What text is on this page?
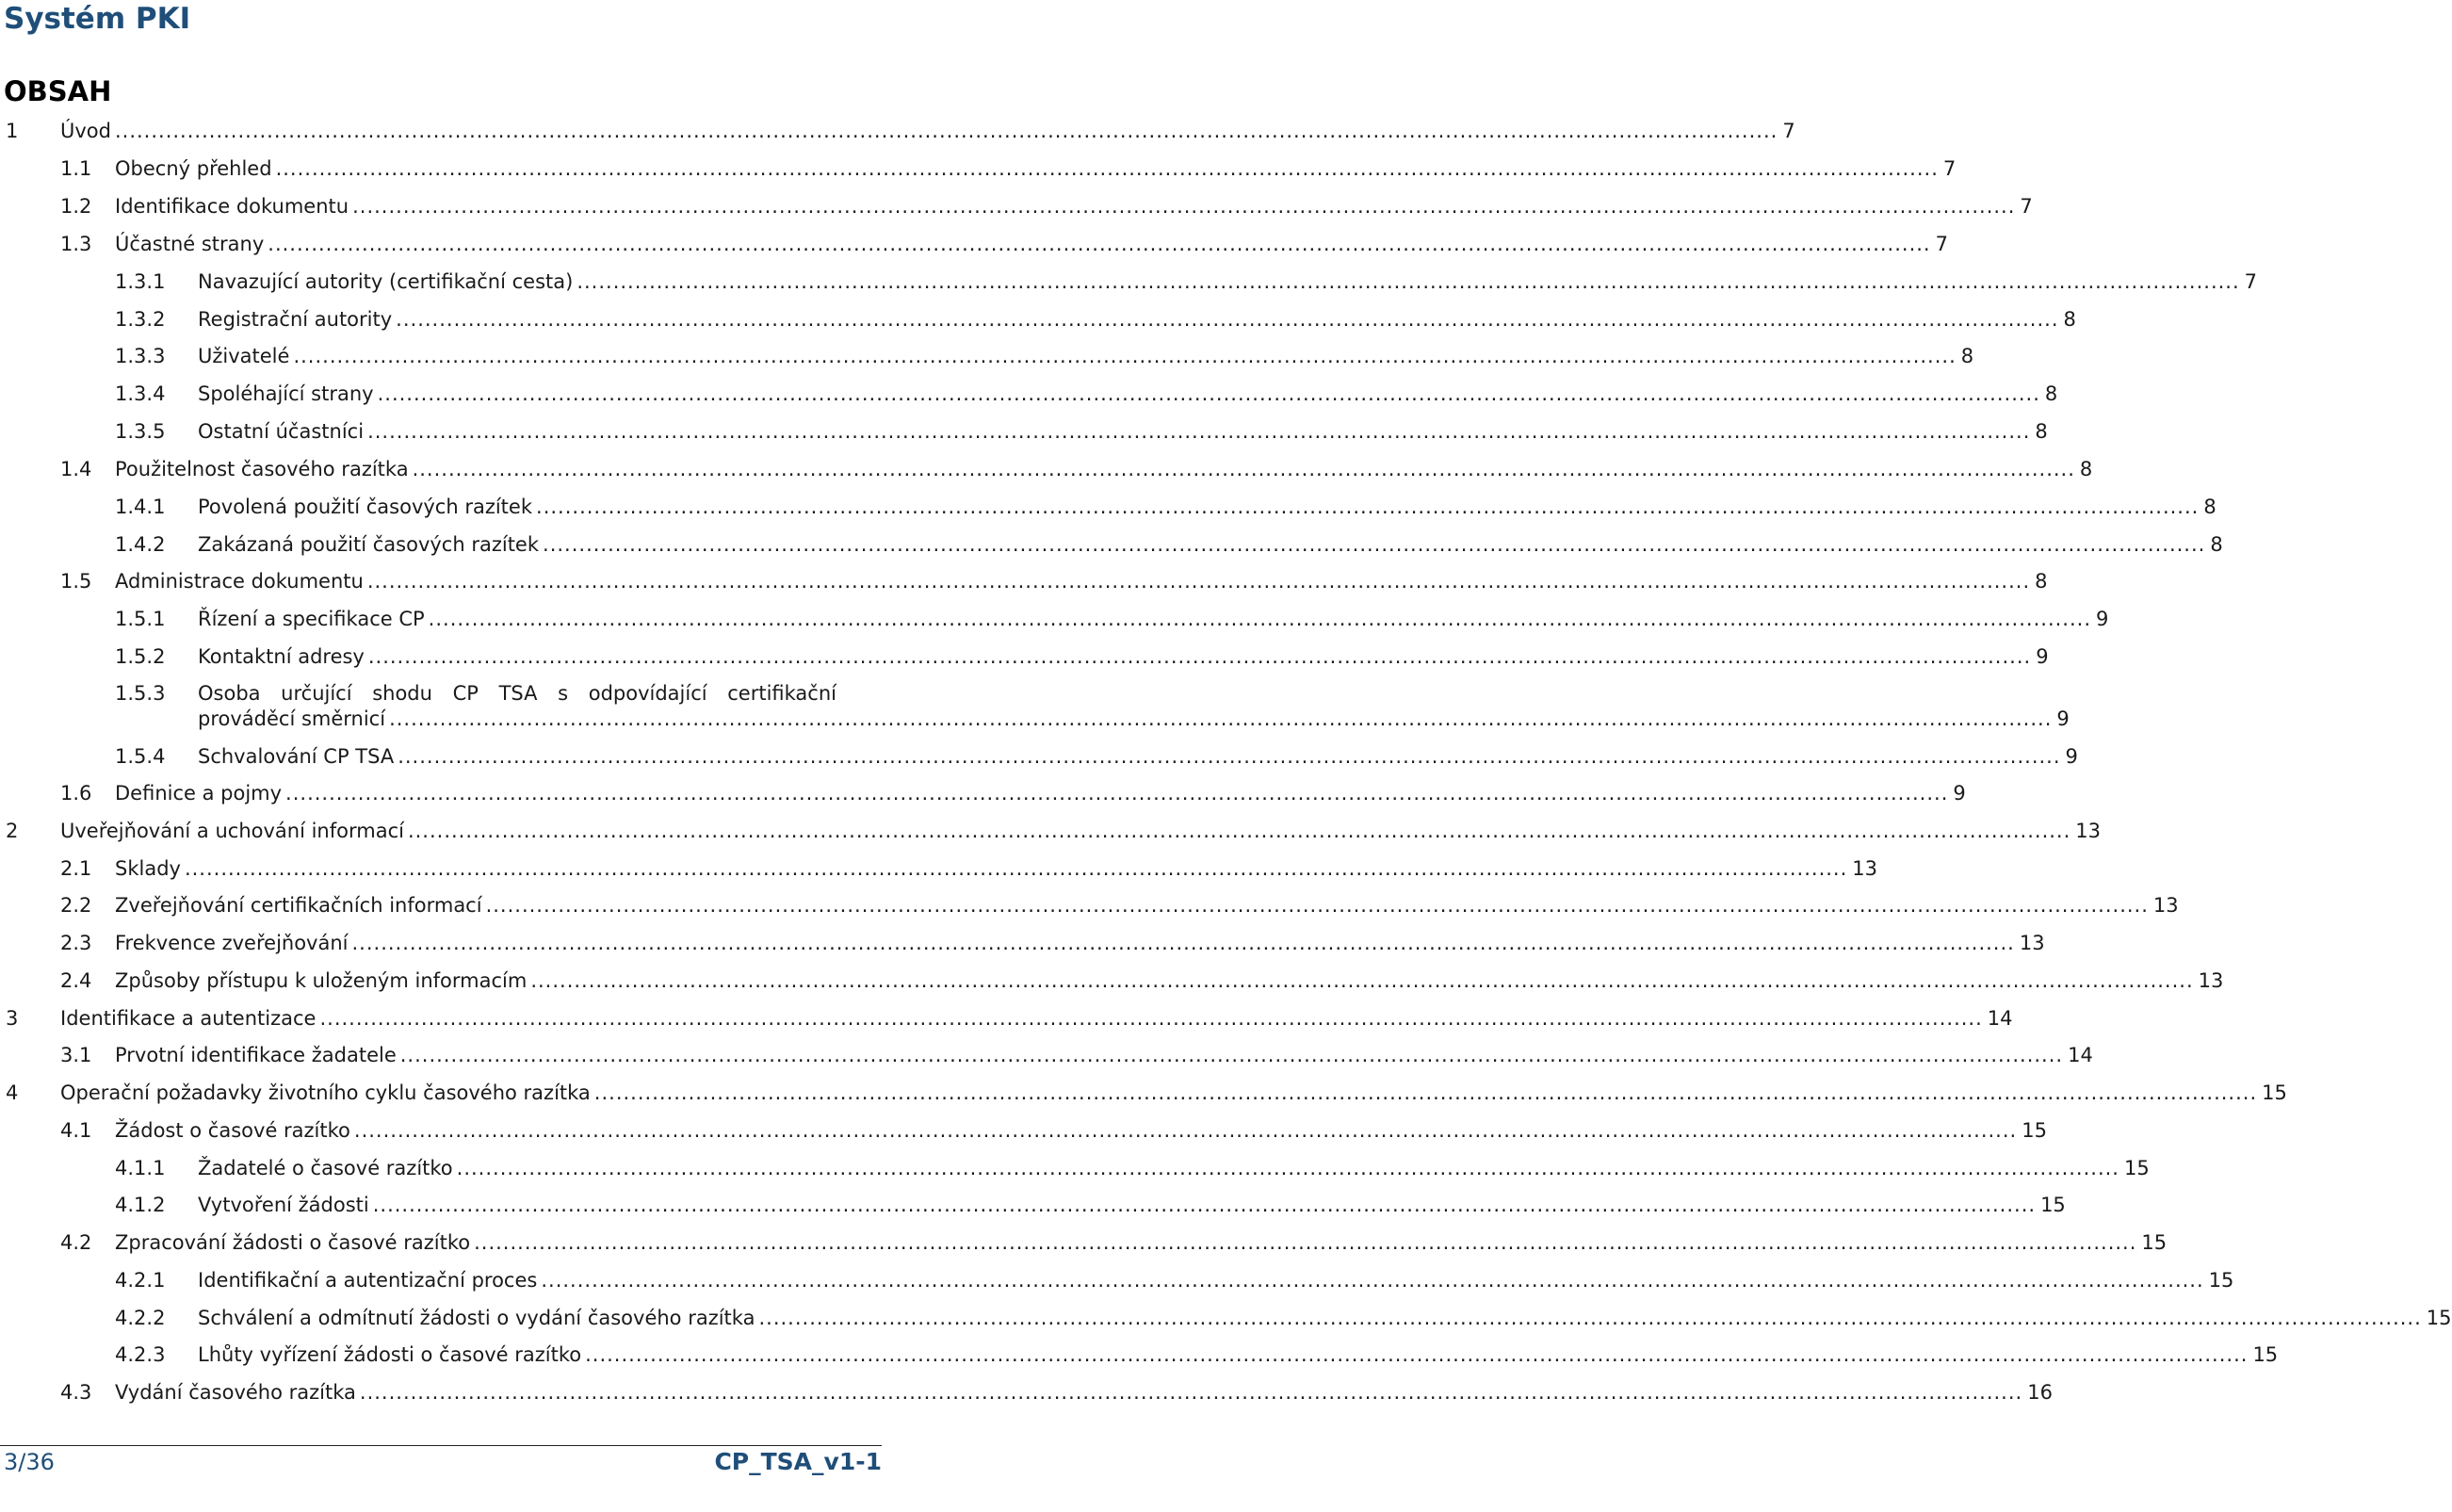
Systém PKI
OBSAH
1	Úvod .....	7
1.1	Obecný přehled .....	7
1.2	Identifikace dokumentu .....	7
1.3	Účastné strany .....	7
1.3.1	Navazující autority (certifikační cesta) .....	7
1.3.2	Registrační autority .....	8
1.3.3	Uživatelé .....	8
1.3.4	Spoléhající strany .....	8
1.3.5	Ostatní účastníci .....	8
1.4	Použitelnost časového razítka .....	8
1.4.1	Povolená použití časových razítek .....	8
1.4.2	Zakázaná použití časových razítek .....	8
1.5	Administrace dokumentu .....	8
1.5.1	Řízení a specifikace CP .....	9
1.5.2	Kontaktní adresy .....	9
1.5.3	Osoba určující shodu CP TSA s odpovídající certifikační
prováděcí směrnicí .....	9
1.5.4	Schvalování CP TSA .....	9
1.6	Definice a pojmy .....	9
2	Uveřejňování a uchování informací .....	13
2.1	Sklady .....	13
2.2	Zveřejňování certifikačních informací .....	13
2.3	Frekvence zveřejňování .....	13
2.4	Způsoby přístupu k uloženým informacím .....	13
3	Identifikace a autentizace .....	14
3.1	Prvotní identifikace žadatele .....	14
4	Operační požadavky životního cyklu časového razítka .....	15
4.1	Žádost o časové razítko .....	15
4.1.1	Žadatelé o časové razítko .....	15
4.1.2	Vytvoření žádosti .....	15
4.2	Zpracování žádosti o časové razítko .....	15
4.2.1	Identifikační a autentizační proces .....	15
4.2.2	Schválení a odmítnutí žádosti o vydání časového razítka .....	15
4.2.3	Lhůty vyřízení žádosti o časové razítko .....	15
4.3	Vydání časového razítka .....	16
3/36	CP_TSA_v1-1
